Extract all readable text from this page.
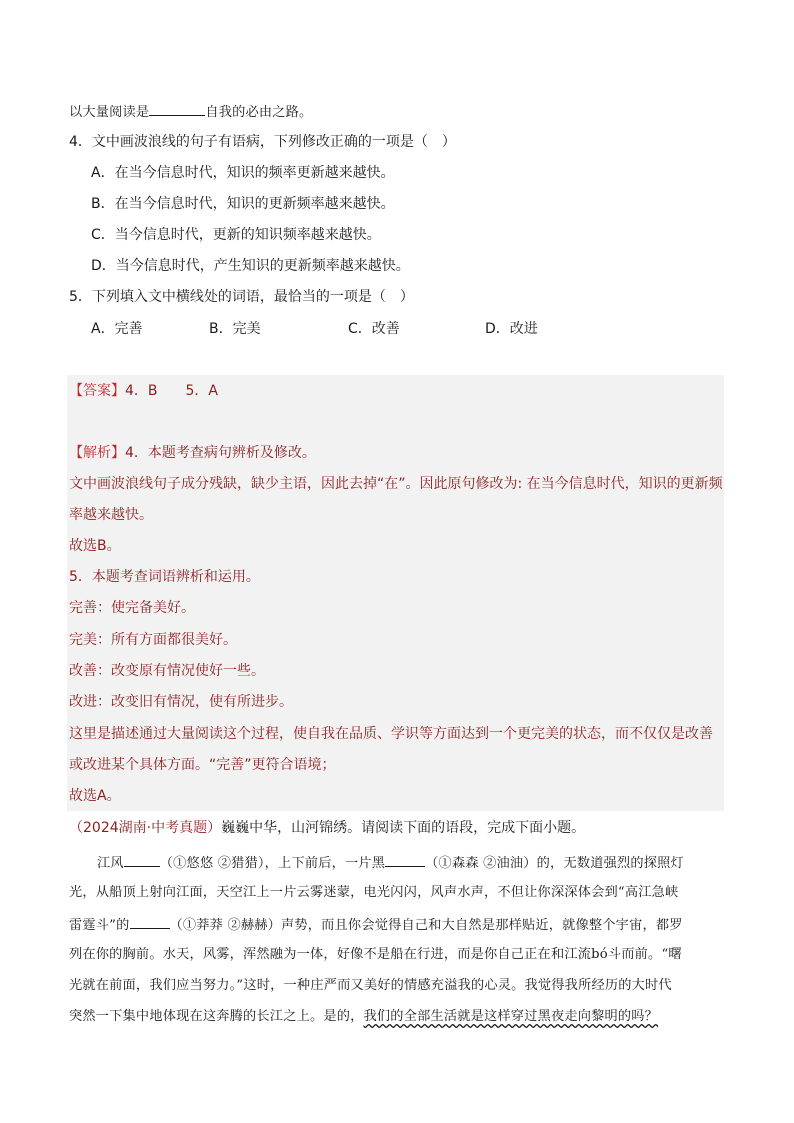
以大量阅读是	自我的必由之路。
4．文中画波浪线的句子有语病，下列修改正确的一项是（　）
A．在当今信息时代，知识的频率更新越来越快。
B．在当今信息时代，知识的更新频率越来越快。
C．当今信息时代，更新的知识频率越来越快。
D．当今信息时代，产生知识的更新频率越来越快。
5．下列填入文中横线处的词语，最恰当的一项是（　）
A．完善	B．完美	C．改善	D．改进
【答案】4．B　　5．A
【解析】4．本题考查病句辨析及修改。
文中画波浪线句子成分残缺，缺少主语，因此去掉“在”。因此原句修改为: 在当今信息时代，知识的更新频
率越来越快。
故选B。
5．本题考查词语辨析和运用。
完善：使完备美好。
完美：所有方面都很美好。
改善：改变原有情况使好一些。
改进：改变旧有情况，使有所进步。
这里是描述通过大量阅读这个过程，使自我在品质、学识等方面达到一个更完美的状态，而不仅仅是改善
或改进某个具体方面。“完善”更符合语境；
故选A。
（2024湖南·中考真题）巍巍中华，山河锦绣。请阅读下面的语段，完成下面小题。
江风	（①悠悠 ②猎猎），上下前后，一片黑	（①森森 ②油油）的，无数道强烈的探照灯
光，从船顶上射向江面，天空江上一片云雾迷蒙，电光闪闪，风声水声，不但让你深深体会到“高江急峡
雷霆斗”的	（①莽莽 ②赫赫）声势，而且你会觉得自己和大自然是那样贴近，就像整个宇宙，都罗
列在你的胸前。水天，风雾，浑然融为一体，好像不是船在行进，而是你自己正在和江流bó斗而前。“曙
光就在前面，我们应当努力。”这时，一种庄严而又美好的情感充溢我的心灵。我觉得我所经历的大时代
突然一下集中地体现在这奔腾的长江之上。是的，我们的全部生活就是这样穿过黑夜走向黎明的吗？
